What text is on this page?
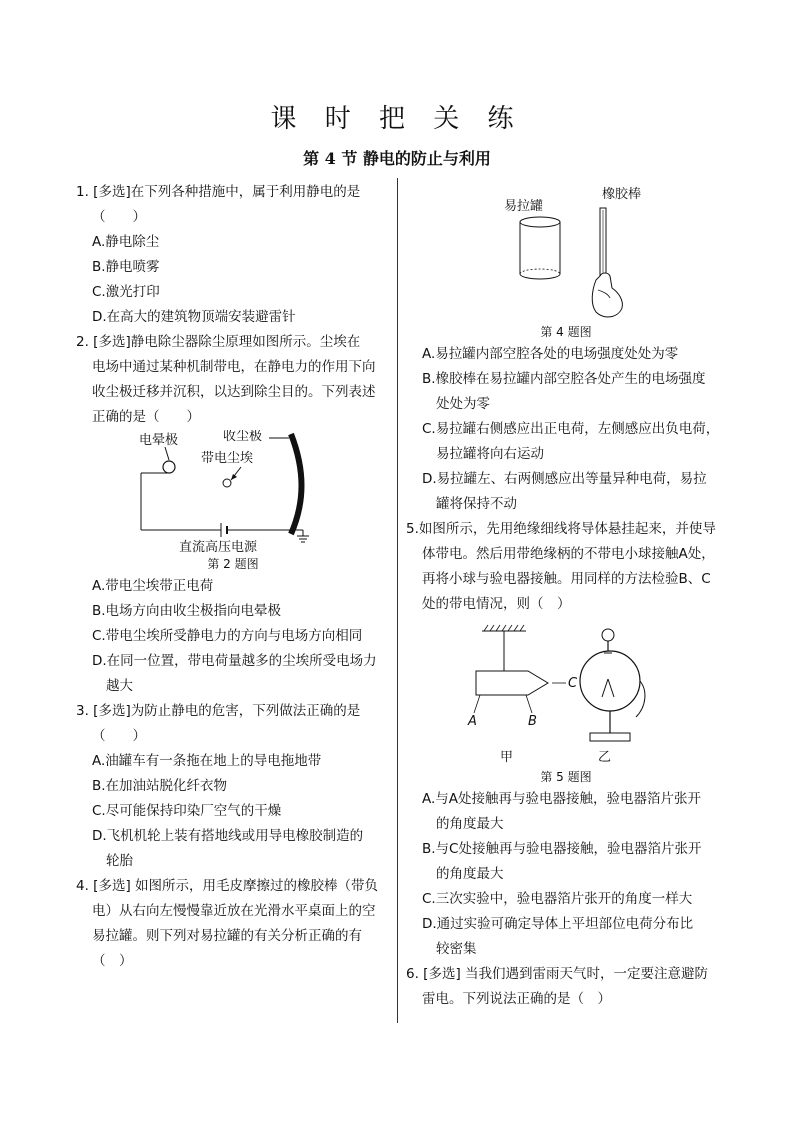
课 时 把 关 练
第 4 节 静电的防止与利用

1. [多选]在下列各种措施中，属于利用静电的是

（　　）

A.静电除尘

B.静电喷雾

C.激光打印

D.在高大的建筑物顶端安装避雷针

2. [多选]静电除尘器除尘原理如图所示。尘埃在

电场中通过某种机制带电，在静电力的作用下向

收尘极迁移并沉积，以达到除尘目的。下列表述

正确的是（　　）

电晕极	收尘极
带电尘埃
直流高压电源

第 2 题图

A.带电尘埃带正电荷

B.电场方向由收尘极指向电晕极

C.带电尘埃所受静电力的方向与电场方向相同

D.在同一位置，带电荷量越多的尘埃所受电场力

越大

3. [多选]为防止静电的危害，下列做法正确的是

（　　）

A.油罐车有一条拖在地上的导电拖地带

B.在加油站脱化纤衣物

C.尽可能保持印染厂空气的干燥

D.飞机机轮上装有搭地线或用导电橡胶制造的

轮胎

4. [多选] 如图所示，用毛皮摩擦过的橡胶棒（带负

电）从右向左慢慢靠近放在光滑水平桌面上的空

易拉罐。则下列对易拉罐的有关分析正确的有

（　）

易拉罐
橡胶棒

第 4 题图

A.易拉罐内部空腔各处的电场强度处处为零

B.橡胶棒在易拉罐内部空腔各处产生的电场强度

处处为零

C.易拉罐右侧感应出正电荷，左侧感应出负电荷，

易拉罐将向右运动

D.易拉罐左、右两侧感应出等量异种电荷，易拉

罐将保持不动

5.如图所示，先用绝缘细线将导体悬挂起来，并使导

体带电。然后用带绝缘柄的不带电小球接触A处，

再将小球与验电器接触。用同样的方法检验B、C

处的带电情况，则（　）

A	B
C
甲	乙

第 5 题图

A.与A处接触再与验电器接触，验电器箔片张开

的角度最大

B.与C处接触再与验电器接触，验电器箔片张开

的角度最大

C.三次实验中，验电器箔片张开的角度一样大

D.通过实验可确定导体上平坦部位电荷分布比

较密集

6. [多选] 当我们遇到雷雨天气时，一定要注意避防

雷电。下列说法正确的是（　）
